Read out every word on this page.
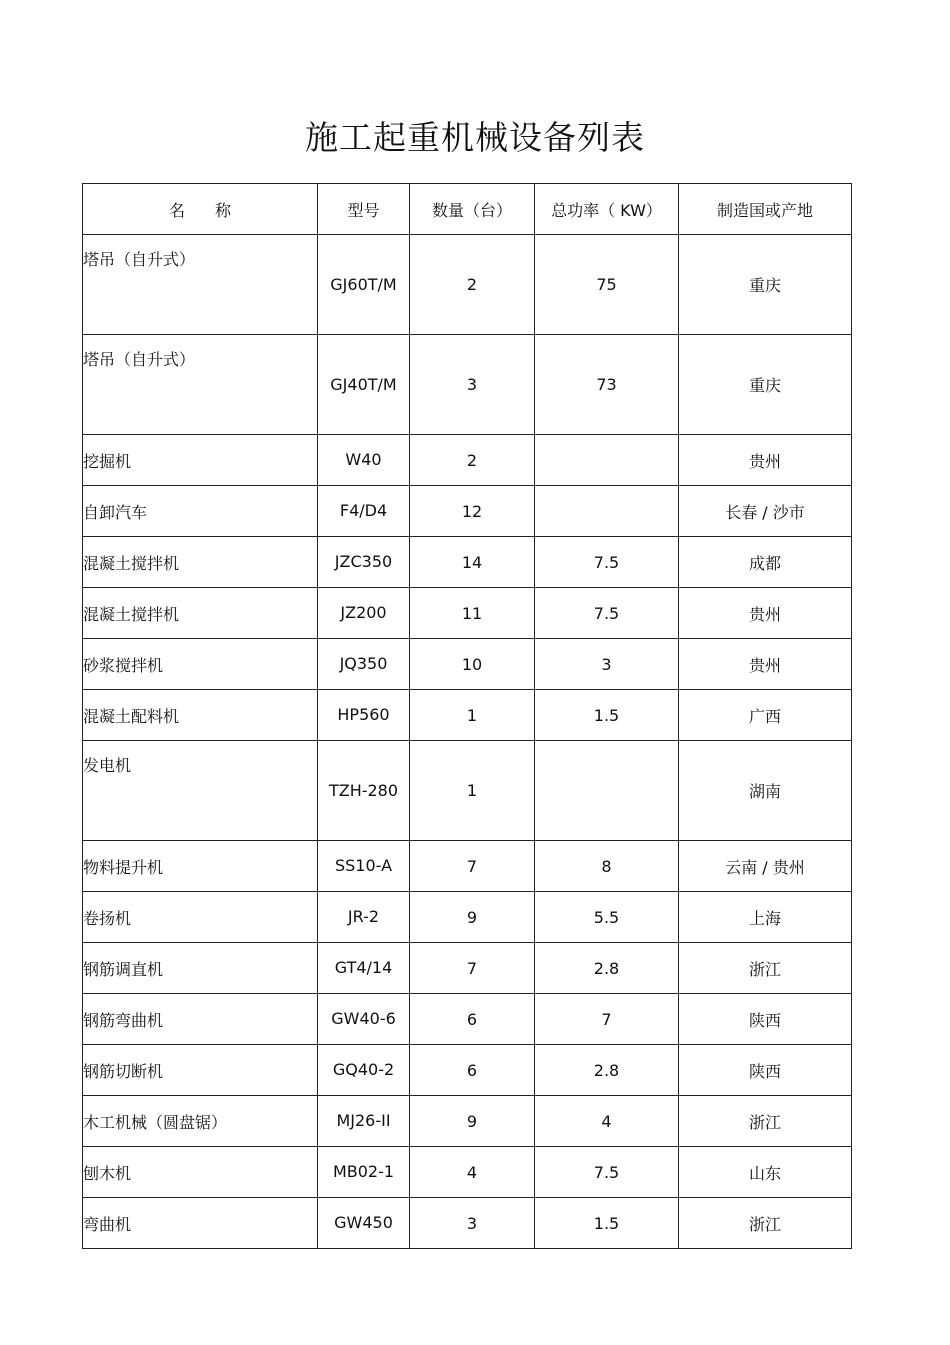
施工起重机械设备列表
名 称	型号	数量（台）	总功率（ KW）	制造国或产地
塔吊（自升式）	GJ60T/M	2	75	重庆
塔吊（自升式）	GJ40T/M	3	73	重庆
挖掘机	W40	2		贵州
自卸汽车	F4/D4	12		长春 / 沙市
混凝土搅拌机	JZC350	14	7.5	成都
混凝土搅拌机	JZ200	11	7.5	贵州
砂浆搅拌机	JQ350	10	3	贵州
混凝土配料机	HP560	1	1.5	广西
发电机	TZH-280	1		湖南
物料提升机	SS10-A	7	8	云南 / 贵州
卷扬机	JR-2	9	5.5	上海
钢筋调直机	GT4/14	7	2.8	浙江
钢筋弯曲机	GW40-6	6	7	陕西
钢筋切断机	GQ40-2	6	2.8	陕西
木工机械（圆盘锯）	MJ26-II	9	4	浙江
刨木机	MB02-1	4	7.5	山东
弯曲机	GW450	3	1.5	浙江
